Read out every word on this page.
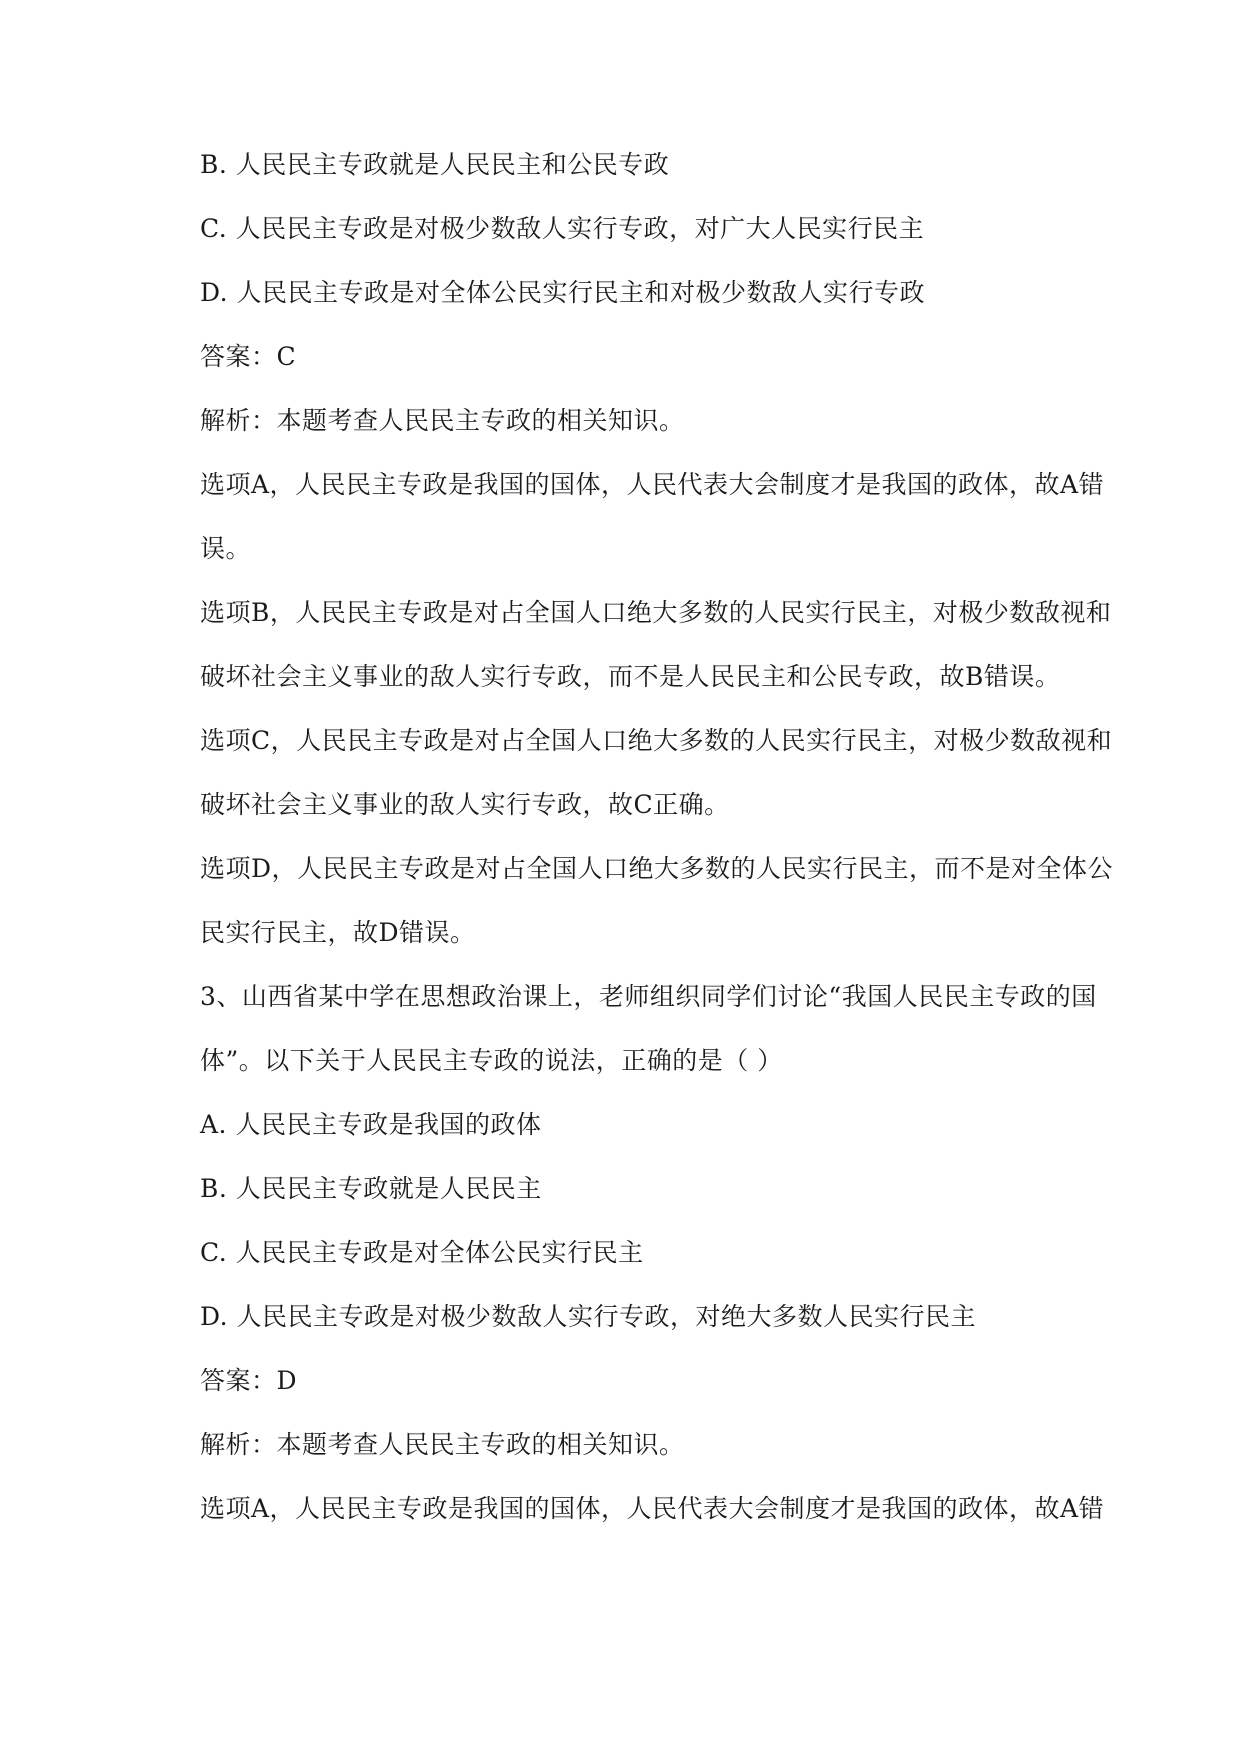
B. 人民民主专政就是人民民主和公民专政
C. 人民民主专政是对极少数敌人实行专政，对广大人民实行民主
D. 人民民主专政是对全体公民实行民主和对极少数敌人实行专政
答案：C
解析：本题考查人民民主专政的相关知识。
选项A，人民民主专政是我国的国体，人民代表大会制度才是我国的政体，故A错
误。
选项B，人民民主专政是对占全国人口绝大多数的人民实行民主，对极少数敌视和
破坏社会主义事业的敌人实行专政，而不是人民民主和公民专政，故B错误。
选项C，人民民主专政是对占全国人口绝大多数的人民实行民主，对极少数敌视和
破坏社会主义事业的敌人实行专政，故C正确。
选项D，人民民主专政是对占全国人口绝大多数的人民实行民主，而不是对全体公
民实行民主，故D错误。
3、山西省某中学在思想政治课上，老师组织同学们讨论“我国人民民主专政的国
体”。以下关于人民民主专政的说法，正确的是（ ）
A. 人民民主专政是我国的政体
B. 人民民主专政就是人民民主
C. 人民民主专政是对全体公民实行民主
D. 人民民主专政是对极少数敌人实行专政，对绝大多数人民实行民主
答案：D
解析：本题考查人民民主专政的相关知识。
选项A，人民民主专政是我国的国体，人民代表大会制度才是我国的政体，故A错
